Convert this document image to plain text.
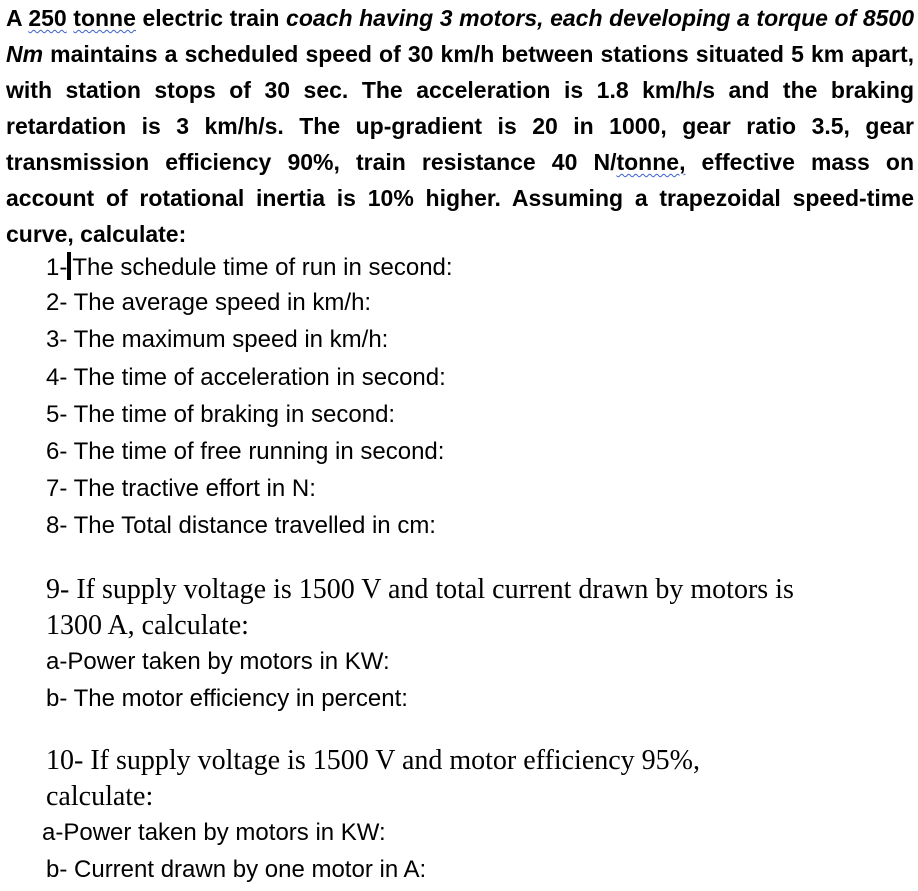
A 250 tonne electric train coach having 3 motors, each developing a torque of 8500 Nm maintains a scheduled speed of 30 km/h between stations situated 5 km apart, with station stops of 30 sec. The acceleration is 1.8 km/h/s and the braking retardation is 3 km/h/s. The up-gradient is 20 in 1000, gear ratio 3.5, gear transmission efficiency 90%, train resistance 40 N/tonne, effective mass on account of rotational inertia is 10% higher. Assuming a trapezoidal speed-time curve, calculate:
1- The schedule time of run in second:
2- The average speed in km/h:
3- The maximum speed in km/h:
4- The time of acceleration in second:
5- The time of braking in second:
6- The time of free running in second:
7- The tractive effort in N:
8- The Total distance travelled in cm:
9- If supply voltage is 1500 V and total current drawn by motors is
1300 A, calculate:
a-Power taken by motors in KW:
b- The motor efficiency in percent:
10- If supply voltage is 1500 V and motor efficiency 95%,
calculate:
a-Power taken by motors in KW:
b- Current drawn by one motor in A:
